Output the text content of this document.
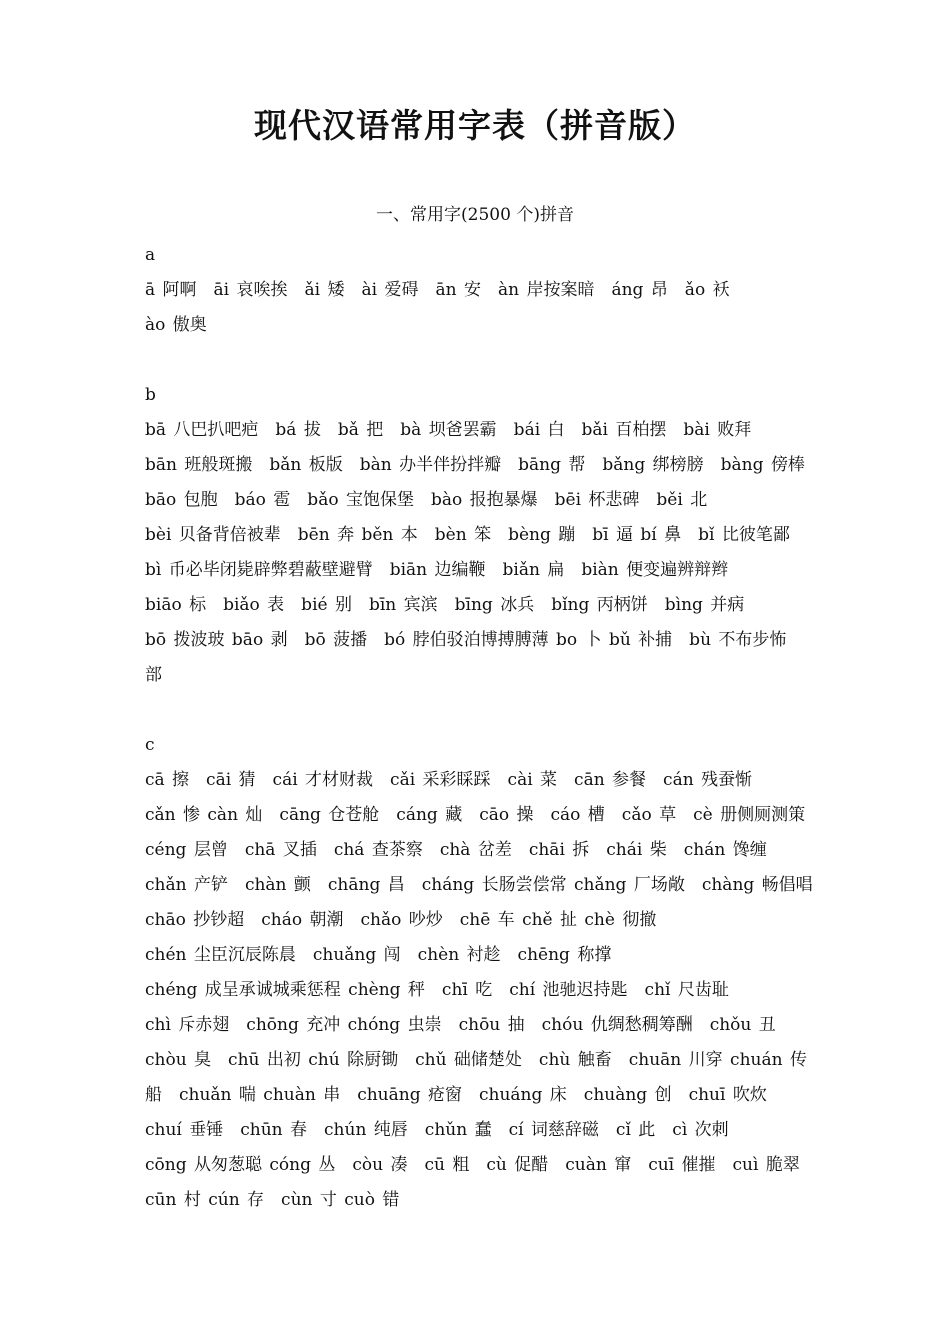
现代汉语常用字表（拼音版）
一、常用字(2500 个)拼音
a
ā 阿啊　āi 哀唉挨　ǎi 矮　ài 爱碍　ān 安　àn 岸按案暗　áng 昂　ǎo 袄
ào 傲奥
b
bā 八巴扒吧疤　bá 拔　bǎ 把　bà 坝爸罢霸　bái 白　bǎi 百柏摆　bài 败拜
bān 班般斑搬　bǎn 板版　bàn 办半伴扮拌瓣　bāng 帮　bǎng 绑榜膀　bàng 傍棒
bāo 包胞　báo 雹　bǎo 宝饱保堡　bào 报抱暴爆　bēi 杯悲碑　běi 北
bèi 贝备背倍被辈　bēn 奔 běn 本　bèn 笨　bèng 蹦　bī 逼 bí 鼻　bǐ 比彼笔鄙
bì 币必毕闭毙辟弊碧蔽壁避臂　biān 边编鞭　biǎn 扁　biàn 便变遍辨辩辫
biāo 标　biǎo 表　bié 别　bīn 宾滨　bīng 冰兵　bǐng 丙柄饼　bìng 并病
bō 拨波玻 bāo 剥　bō 菠播　bó 脖伯驳泊博搏膊薄 bo 卜 bǔ 补捕　bù 不布步怖
部
c
cā 擦　cāi 猜　cái 才材财裁　cǎi 采彩睬踩　cài 菜　cān 参餐　cán 残蚕惭
cǎn 惨 càn 灿　cāng 仓苍舱　cáng 藏　cāo 操　cáo 槽　cǎo 草　cè 册侧厕测策
céng 层曾　chā 叉插　chá 查茶察　chà 岔差　chāi 拆　chái 柴　chán 馋缠
chǎn 产铲　chàn 颤　chāng 昌　cháng 长肠尝偿常 chǎng 厂场敞　chàng 畅倡唱
chāo 抄钞超　cháo 朝潮　chǎo 吵炒　chē 车 chě 扯 chè 彻撤
chén 尘臣沉辰陈晨　chuǎng 闯　chèn 衬趁　chēng 称撑
chéng 成呈承诚城乘惩程 chèng 秤　chī 吃　chí 池驰迟持匙　chǐ 尺齿耻
chì 斥赤翅　chōng 充冲 chóng 虫崇　chōu 抽　chóu 仇绸愁稠筹酬　chǒu 丑
chòu 臭　chū 出初 chú 除厨锄　chǔ 础储楚处　chù 触畜　chuān 川穿 chuán 传
船　chuǎn 喘 chuàn 串　chuāng 疮窗　chuáng 床　chuàng 创　chuī 吹炊
chuí 垂锤　chūn 春　chún 纯唇　chǔn 蠢　cí 词慈辞磁　cǐ 此　cì 次刺
cōng 从匆葱聪 cóng 丛　còu 凑　cū 粗　cù 促醋　cuàn 窜　cuī 催摧　cuì 脆翠
cūn 村 cún 存　cùn 寸 cuò 错
